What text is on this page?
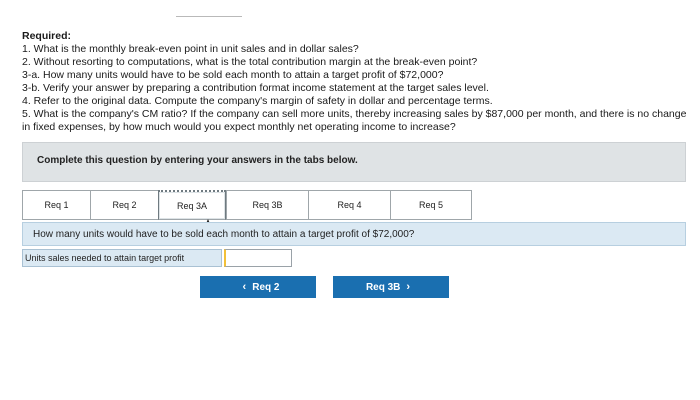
Required:
1. What is the monthly break-even point in unit sales and in dollar sales?
2. Without resorting to computations, what is the total contribution margin at the break-even point?
3-a. How many units would have to be sold each month to attain a target profit of $72,000?
3-b. Verify your answer by preparing a contribution format income statement at the target sales level.
4. Refer to the original data. Compute the company's margin of safety in dollar and percentage terms.
5. What is the company's CM ratio? If the company can sell more units, thereby increasing sales by $87,000 per month, and there is no change in fixed expenses, by how much would you expect monthly net operating income to increase?
Complete this question by entering your answers in the tabs below.
Req 1	Req 2	Req 3A	Req 3B	Req 4	Req 5
How many units would have to be sold each month to attain a target profit of $72,000?
Units sales needed to attain target profit
‹ Req 2	Req 3B ›
